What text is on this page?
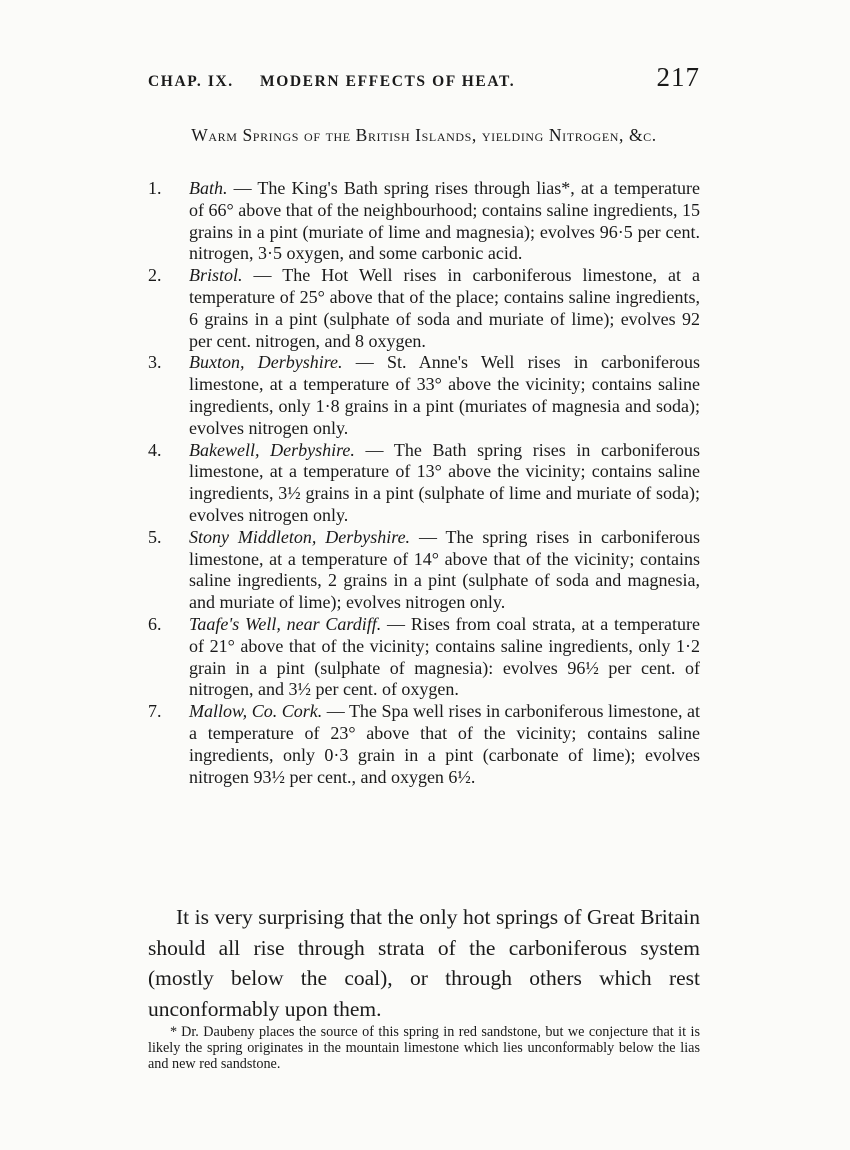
CHAP. IX.	MODERN EFFECTS OF HEAT.	217
Warm Springs of the British Islands, yielding Nitrogen, &c.
1.	Bath. — The King's Bath spring rises through lias*, at a temperature of 66° above that of the neighbourhood; contains saline ingredients, 15 grains in a pint (muriate of lime and magnesia); evolves 96·5 per cent. nitrogen, 3·5 oxygen, and some carbonic acid.
2.	Bristol. — The Hot Well rises in carboniferous limestone, at a temperature of 25° above that of the place; contains saline ingredients, 6 grains in a pint (sulphate of soda and muriate of lime); evolves 92 per cent. nitrogen, and 8 oxygen.
3.	Buxton, Derbyshire. — St. Anne's Well rises in carboniferous limestone, at a temperature of 33° above the vicinity; contains saline ingredients, only 1·8 grains in a pint (muriates of magnesia and soda); evolves nitrogen only.
4.	Bakewell, Derbyshire. — The Bath spring rises in carboniferous limestone, at a temperature of 13° above the vicinity; contains saline ingredients, 3½ grains in a pint (sulphate of lime and muriate of soda); evolves nitrogen only.
5.	Stony Middleton, Derbyshire. — The spring rises in carboniferous limestone, at a temperature of 14° above that of the vicinity; contains saline ingredients, 2 grains in a pint (sulphate of soda and magnesia, and muriate of lime); evolves nitrogen only.
6.	Taafe's Well, near Cardiff. — Rises from coal strata, at a temperature of 21° above that of the vicinity; contains saline ingredients, only 1·2 grain in a pint (sulphate of magnesia): evolves 96½ per cent. of nitrogen, and 3½ per cent. of oxygen.
7.	Mallow, Co. Cork. — The Spa well rises in carboniferous limestone, at a temperature of 23° above that of the vicinity; contains saline ingredients, only 0·3 grain in a pint (carbonate of lime); evolves nitrogen 93½ per cent., and oxygen 6½.

It is very surprising that the only hot springs of Great Britain should all rise through strata of the carboniferous system (mostly below the coal), or through others which rest unconformably upon them.

* Dr. Daubeny places the source of this spring in red sandstone, but we conjecture that it is likely the spring originates in the mountain limestone which lies unconformably below the lias and new red sandstone.
